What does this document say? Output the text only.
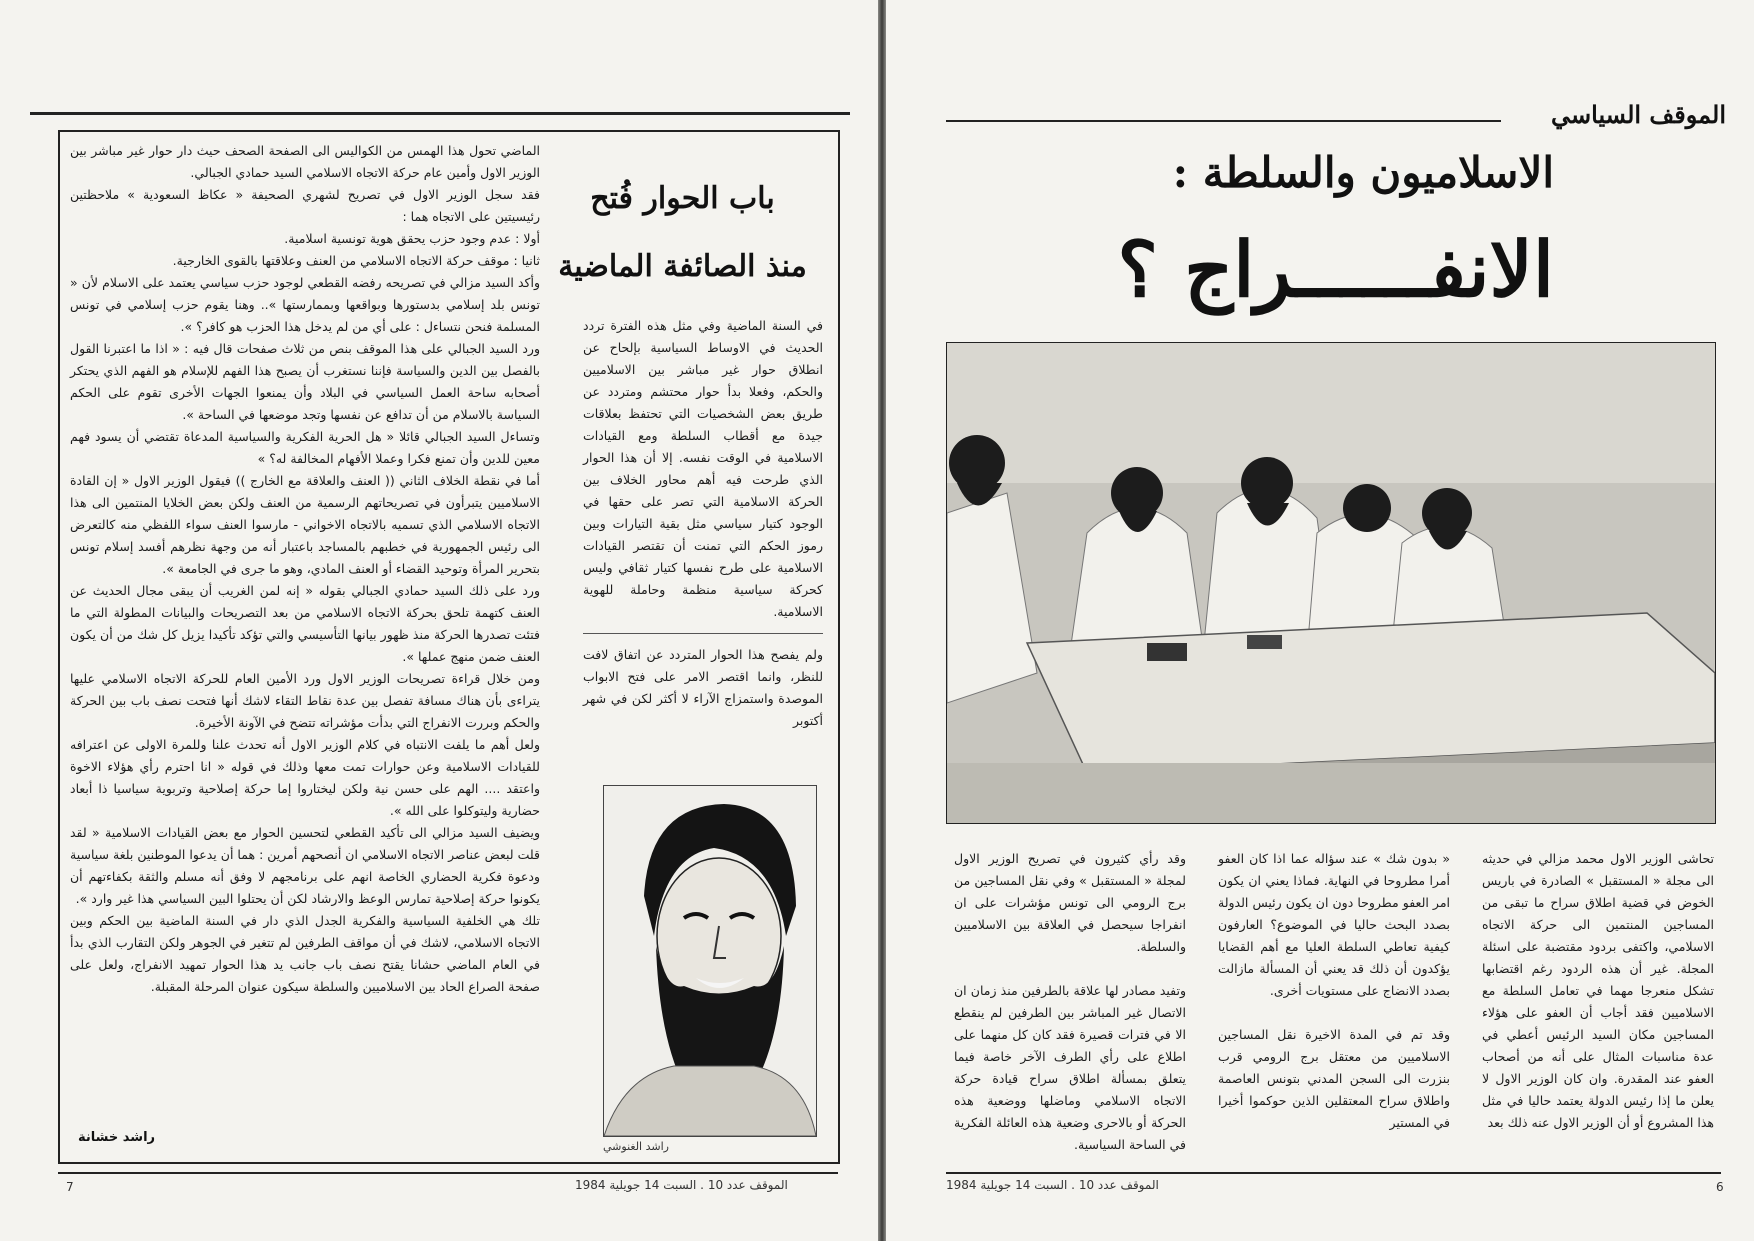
الماضي تحول هذا الهمس من الكواليس الى الصفحة الصحف حيث دار حوار غير مباشر بين الوزير الاول وأمين عام حركة الاتجاه الاسلامي السيد حمادي الجبالي.

فقد سجل الوزير الاول في تصريح لشهري الصحيفة « عكاظ السعودية » ملاحظتين رئيسيتين على الاتجاه هما :

أولا : عدم وجود حزب يحقق هوية تونسية اسلامية.

ثانيا : موقف حركة الاتجاه الاسلامي من العنف وعلاقتها بالقوى الخارجية.

وأكد السيد مزالي في تصريحه رفضه القطعي لوجود حزب سياسي يعتمد على الاسلام لأن « تونس بلد إسلامي بدستورها وبواقعها وبممارستها ».. وهنا يقوم حزب إسلامي في تونس المسلمة فنحن نتساءل : على أي من لم يدخل هذا الحزب هو كافر؟ ».

ورد السيد الجبالي على هذا الموقف بنص من ثلاث صفحات قال فيه : « اذا ما اعتبرنا القول بالفصل بين الدين والسياسة فإننا نستغرب أن يصبح هذا الفهم للإسلام هو الفهم الذي يحتكر أصحابه ساحة العمل السياسي في البلاد وأن يمنعوا الجهات الأخرى تقوم على الحكم السياسة بالاسلام من أن تدافع عن نفسها وتجد موضعها في الساحة ».

وتساءل السيد الجبالي قائلا « هل الحرية الفكرية والسياسية المدعاة تقتضي أن يسود فهم معين للدين وأن تمنع فكرا وعملا الأفهام المخالفة له؟ »

أما في نقطة الخلاف الثاني (( العنف والعلاقة مع الخارج )) فيقول الوزير الاول « إن القادة الاسلاميين يتبرأون في تصريحاتهم الرسمية من العنف ولكن بعض الخلايا المنتمين الى هذا الاتجاه الاسلامي الذي تسميه بالاتجاه الاخواني - مارسوا العنف سواء اللفظي منه كالتعرض الى رئيس الجمهورية في خطبهم بالمساجد باعتبار أنه من وجهة نظرهم أفسد إسلام تونس بتحرير المرأة وتوحيد القضاء أو العنف المادي، وهو ما جرى في الجامعة ».

ورد على ذلك السيد حمادي الجبالي بقوله « إنه لمن الغريب أن يبقى مجال الحديث عن العنف كتهمة تلحق بحركة الاتجاه الاسلامي من بعد التصريحات والبيانات المطولة التي ما فتئت تصدرها الحركة منذ ظهور بيانها التأسيسي والتي تؤكد تأكيدا يزيل كل شك من أن يكون العنف ضمن منهج عملها ».

ومن خلال قراءة تصريحات الوزير الاول ورد الأمين العام للحركة الاتجاه الاسلامي عليها يتراءى بأن هناك مسافة تفصل بين عدة نقاط التقاء لاشك أنها فتحت نصف باب بين الحركة والحكم وبررت الانفراج التي بدأت مؤشراته تتضح في الآونة الأخيرة.

ولعل أهم ما يلفت الانتباه في كلام الوزير الاول أنه تحدث علنا وللمرة الاولى عن اعترافه للقيادات الاسلامية وعن حوارات تمت معها وذلك في قوله « انا احترم رأي هؤلاء الاخوة واعتقد .... الهم على حسن نية ولكن ليختاروا إما حركة إصلاحية وتربوية سياسيا ذا أبعاد حضارية وليتوكلوا على الله ».

ويضيف السيد مزالي الى تأكيد القطعي لتحسين الحوار مع بعض القيادات الاسلامية « لقد قلت لبعض عناصر الاتجاه الاسلامي ان أنصحهم أمرين : هما أن يدعوا الموطنين بلغة سياسية ودعوة فكرية الحضاري الخاصة انهم على برنامجهم لا وفق أنه مسلم والثقة بكفاءتهم أن يكونوا حركة إصلاحية تمارس الوعظ والارشاد لكن أن يحتلوا البين السياسي هذا غير وارد ».

تلك هي الخلفية السياسية والفكرية الجدل الذي دار في السنة الماضية بين الحكم وبين الاتجاه الاسلامي، لاشك في أن مواقف الطرفين لم تتغير في الجوهر ولكن التقارب الذي بدأ في العام الماضي حشانا يقتح نصف باب جانب يد هذا الحوار تمهيد الانفراج، ولعل على صفحة الصراع الحاد بين الاسلاميين والسلطة سيكون عنوان المرحلة المقبلة.

باب الحوار فُتح
منذ الصائفة الماضية

في السنة الماضية وفي مثل هذه الفترة تردد الحديث في الاوساط السياسية بإلحاح عن انطلاق حوار غير مباشر بين الاسلاميين والحكم، وفعلا بدأ حوار محتشم ومتردد عن طريق بعض الشخصيات التي تحتفظ بعلاقات جيدة مع أقطاب السلطة ومع القيادات الاسلامية في الوقت نفسه. إلا أن هذا الحوار الذي طرحت فيه أهم محاور الخلاف بين الحركة الاسلامية التي تصر على حقها في الوجود كتيار سياسي مثل بقية التيارات وبين رموز الحكم التي تمنت أن تقتصر القيادات الاسلامية على طرح نفسها كتيار ثقافي وليس كحركة سياسية منظمة وحاملة للهوية الاسلامية.

ولم يفصح هذا الحوار المتردد عن اتفاق لافت للنظر، وانما اقتصر الامر على فتح الابواب الموصدة واستمزاج الآراء لا أكثر لكن في شهر أكتوبر

راشد الغنوشي
راشد خشانة
الموقف عدد 10 . السبت 14 جويلية 1984
7
الموقف السياسي
الاسلاميون والسلطة :
الانفــــــراج ؟

تحاشى الوزير الاول محمد مزالي في حديثه الى مجلة « المستقبل » الصادرة في باريس الخوض في قضية اطلاق سراح ما تبقى من المساجين المنتمين الى حركة الاتجاه الاسلامي، واكتفى بردود مقتضبة على اسئلة المجلة. غير أن هذه الردود رغم اقتضابها تشكل منعرجا مهما في تعامل السلطة مع الاسلاميين فقد أجاب أن العفو على هؤلاء المساجين مكان السيد الرئيس أعطي في عدة مناسبات المثال على أنه من أصحاب العفو عند المقدرة. وان كان الوزير الاول لا يعلن ما إذا رئيس الدولة يعتمد حاليا في مثل هذا المشروع أو أن الوزير الاول عنه ذلك بعد

« بدون شك » عند سؤاله عما اذا كان العفو أمرا مطروحا في النهاية. فماذا يعني ان يكون امر العفو مطروحا دون ان يكون رئيس الدولة بصدد البحث حاليا في الموضوع؟ العارفون كيفية تعاطي السلطة العليا مع أهم القضايا يؤكدون أن ذلك قد يعني أن المسألة مازالت بصدد الانضاج على مستويات أخرى.

وقد تم في المدة الاخيرة نقل المساجين الاسلاميين من معتقل برج الرومي قرب بنزرت الى السجن المدني بتونس العاصمة واطلاق سراح المعتقلين الذين حوكموا أخيرا في المستير

وقد رأي كثيرون في تصريح الوزير الاول لمجلة « المستقبل » وفي نقل المساجين من برج الرومي الى تونس مؤشرات على ان انفراجا سيحصل في العلاقة بين الاسلاميين والسلطة.

وتفيد مصادر لها علاقة بالطرفين منذ زمان ان الاتصال غير المباشر بين الطرفين لم ينقطع الا في فترات قصيرة فقد كان كل منهما على اطلاع على رأي الطرف الآخر خاصة فيما يتعلق بمسألة اطلاق سراح قيادة حركة الاتجاه الاسلامي وماضلها ووضعية هذه الحركة أو بالاحرى وضعية هذه العائلة الفكرية في الساحة السياسية.

الموقف عدد 10 . السبت 14 جويلية 1984	6
